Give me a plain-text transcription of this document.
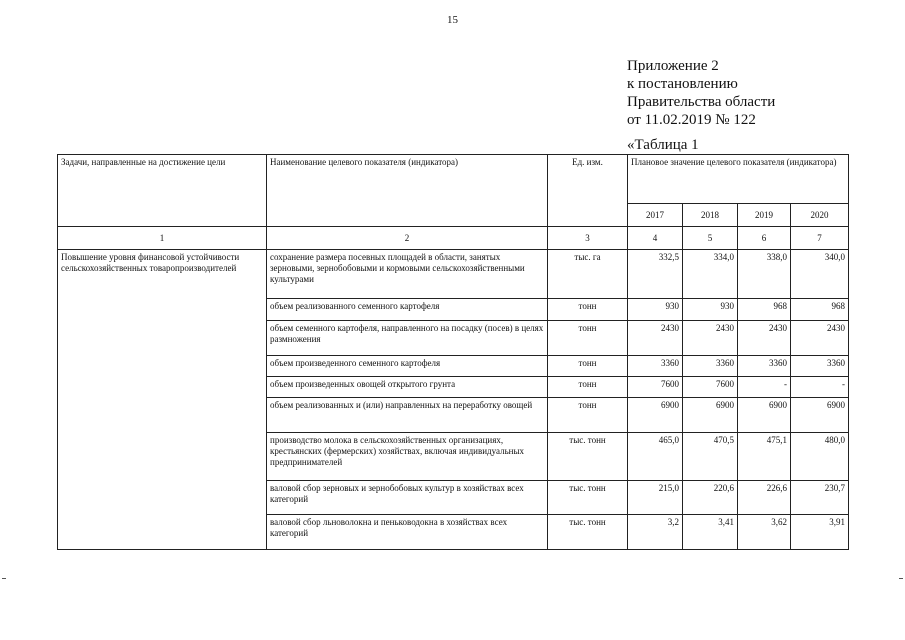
15
Приложение 2
к постановлению
Правительства области
от 11.02.2019 № 122
«Таблица 1
Задачи, направленные на достижение цели	Наименование целевого показателя (индикатора)	Ед. изм.	Плановое значение целевого показателя (индикатора)			
			2017	2018	2019	2020
1	2	3	4	5	6	7
Повышение уровня финансовой устойчивости сельскохозяйственных товаропроизводителей	сохранение размера посевных площадей в области, занятых зерновыми, зернобобовыми и кормовыми сельскохозяйственными культурами	тыс. га	332,5	334,0	338,0	340,0
	объем реализованного семенного картофеля	тонн	930	930	968	968
	объем семенного картофеля, направленного на посадку (посев) в целях размножения	тонн	2430	2430	2430	2430
	объем произведенного семенного картофеля	тонн	3360	3360	3360	3360
	объем произведенных овощей открытого грунта	тонн	7600	7600	-	-
	объем реализованных и (или) направленных на переработку овощей	тонн	6900	6900	6900	6900
	производство молока в сельскохозяйственных организациях, крестьянских (фермерских) хозяйствах, включая индивидуальных предпринимателей	тыс. тонн	465,0	470,5	475,1	480,0
	валовой сбор зерновых и зернобобовых культур в хозяйствах всех категорий	тыс. тонн	215,0	220,6	226,6	230,7
	валовой сбор льноволокна и пеньководокна в хозяйствах всех категорий	тыс. тонн	3,2	3,41	3,62	3,91
